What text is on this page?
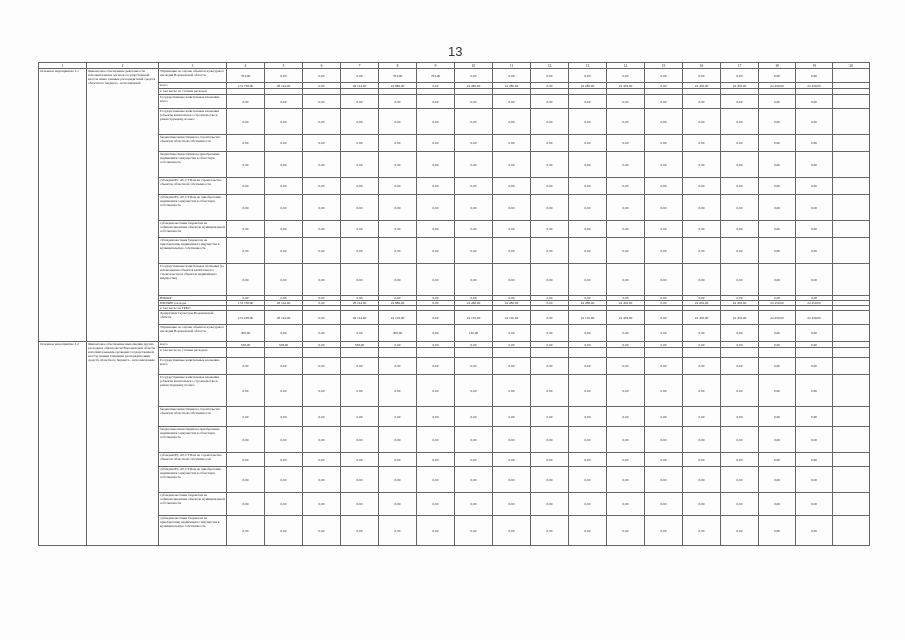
13
1	2	3	4	5	6	7	8	9	10	11	12	13	14	15	16	17	18	19	20
Основное мероприятие 3.1	Финансовое обеспечение деятельности исполнительных органов государственной власти, иных главных распорядителей средств областного бюджета - исполнителей	Управление по охране объектов культурного наследия Воронежской области	793,00	0,00	0,00	0,00	793,00	793,00	0,00	0,00	0,00	0,00	0,00	0,00	0,00	0,00	0,00	0,00	
		всего	174 738,00	28 144,00	0,00	28 144,00	24 889,00	0,00	24 280,00	24 280,00	0,00	24 280,00	24 459,00	0,00	24 459,00	24 459,00	24 459,00	24 459,00	
		в том числе по статьям расходов																	
		Государственные капитальные вложения, всего	0,00	0,00	0,00	0,00	0,00	0,00	0,00	0,00	0,00	0,00	0,00	0,00	0,00	0,00	0,00	0,00	
		Государственные капитальные вложения (объекты капитального строительства и реконструкции), из них:	0,00	0,00	0,00	0,00	0,00	0,00	0,00	0,00	0,00	0,00	0,00	0,00	0,00	0,00	0,00	0,00	
		бюджетные инвестиции на строительство объектов областной собственности	0,00	0,00	0,00	0,00	0,00	0,00	0,00	0,00	0,00	0,00	0,00	0,00	0,00	0,00	0,00	0,00	
		бюджетные инвестиции на приобретение недвижимого имущества в областную собственность	0,00	0,00	0,00	0,00	0,00	0,00	0,00	0,00	0,00	0,00	0,00	0,00	0,00	0,00	0,00	0,00	
		субсидии БУ, АУ, ГУПам на строительство объектов областной собственности	0,00	0,00	0,00	0,00	0,00	0,00	0,00	0,00	0,00	0,00	0,00	0,00	0,00	0,00	0,00	0,00	
		субсидии БУ, АУ, ГУПам на приобретение недвижимого имущества в областную собственность	0,00	0,00	0,00	0,00	0,00	0,00	0,00	0,00	0,00	0,00	0,00	0,00	0,00	0,00	0,00	0,00	
		субсидии местным бюджетам на софинансирование объектов муниципальной собственности	0,00	0,00	0,00	0,00	0,00	0,00	0,00	0,00	0,00	0,00	0,00	0,00	0,00	0,00	0,00	0,00	
		субсидии местным бюджетам на приобретение недвижимого имущества в муниципальную собственность	0,00	0,00	0,00	0,00	0,00	0,00	0,00	0,00	0,00	0,00	0,00	0,00	0,00	0,00	0,00	0,00	
		Государственные капитальные вложения (за исключением объектов капитального строительства и объектов недвижимого имущества)	0,00	0,00	0,00	0,00	0,00	0,00	0,00	0,00	0,00	0,00	0,00	0,00	0,00	0,00	0,00	0,00	
		НИОКР	0,00	0,00	0,00	0,00	0,00	0,00	0,00	0,00	0,00	0,00	0,00	0,00	0,00	0,00	0,00	0,00	
		ПРОЧИЕ расходы	174 738,00	28 144,00	0,00	28 144,00	24 889,00	0,00	24 280,00	24 280,00	0,00	24 280,00	24 459,00	0,00	24 459,00	24 459,00	24 459,00	24 459,00	
		в том числе по ГРБС:																	
		Департамент культуры Воронежской области	174 438,00	28 144,00	0,00	28 144,00	24 129,00	0,00	24 150,00	24 150,00	0,00	24 150,00	24 459,00	0,00	24 459,00	24 459,00	24 459,00	24 459,00	
		Управление по охране объектов культурного наследия Воронежской области	300,00	0,00	0,00	0,00	300,00	0,00	130,00	0,00	0,00	0,00	0,00	0,00	0,00	0,00	0,00	0,00	
Основное мероприятие 3.2	Финансовое обеспечение выполнения других расходных обязательств Воронежской области исполнительными органами государственной власти, иными главными распорядителями средств областного бюджета - исполнителями	всего	538,00	538,00	0,00	538,00	0,00	0,00	0,00	0,00	0,00	0,00	0,00	0,00	0,00	0,00	0,00	0,00	
		в том числе по статьям расходов:																	
		Государственные капитальные вложения, всего	0,00	0,00	0,00	0,00	0,00	0,00	0,00	0,00	0,00	0,00	0,00	0,00	0,00	0,00	0,00	0,00	
		Государственные капитальные вложения (объекты капитального строительства и реконструкции), из них:	0,00	0,00	0,00	0,00	0,00	0,00	0,00	0,00	0,00	0,00	0,00	0,00	0,00	0,00	0,00	0,00	
		бюджетные инвестиции на строительство объектов областной собственности	0,00	0,00	0,00	0,00	0,00	0,00	0,00	0,00	0,00	0,00	0,00	0,00	0,00	0,00	0,00	0,00	
		бюджетные инвестиции на приобретение недвижимого имущества в областную собственность	0,00	0,00	0,00	0,00	0,00	0,00	0,00	0,00	0,00	0,00	0,00	0,00	0,00	0,00	0,00	0,00	
		субсидии БУ, АУ, ГУПам на строительство объектов областной собственности	0,00	0,00	0,00	0,00	0,00	0,00	0,00	0,00	0,00	0,00	0,00	0,00	0,00	0,00	0,00	0,00	
		субсидии БУ, АУ, ГУПам на приобретение недвижимого имущества в областную собственность	0,00	0,00	0,00	0,00	0,00	0,00	0,00	0,00	0,00	0,00	0,00	0,00	0,00	0,00	0,00	0,00	
		субсидии местным бюджетам на софинансирование объектов муниципальной собственности	0,00	0,00	0,00	0,00	0,00	0,00	0,00	0,00	0,00	0,00	0,00	0,00	0,00	0,00	0,00	0,00	
		субсидии местным бюджетам на приобретение недвижимого имущества в муниципальную собственность	0,00	0,00	0,00	0,00	0,00	0,00	0,00	0,00	0,00	0,00	0,00	0,00	0,00	0,00	0,00	0,00	
